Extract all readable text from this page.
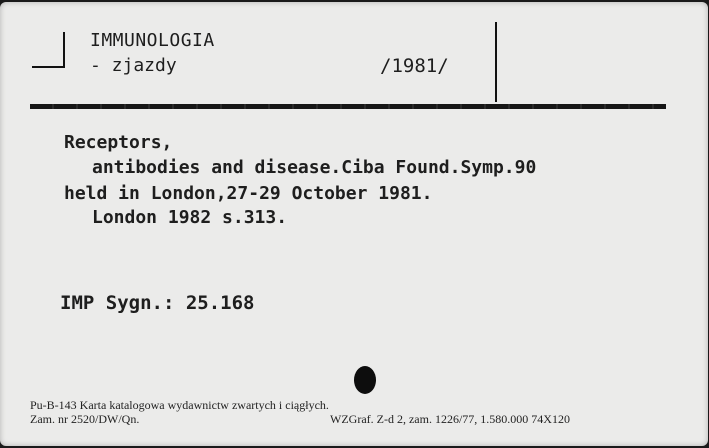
IMMUNOLOGIA
- zjazdy	/1981/
Receptors,
antibodies and disease.Ciba Found.Symp.90
held in London,27-29 October 1981.
London 1982 s.313.
IMP Sygn.: 25.168
Pu-B-143 Karta katalogowa wydawnictw zwartych i ciągłych.
Zam. nr 2520/DW/Qn.	WZGraf. Z-d 2, zam. 1226/77, 1.580.000 74X120
